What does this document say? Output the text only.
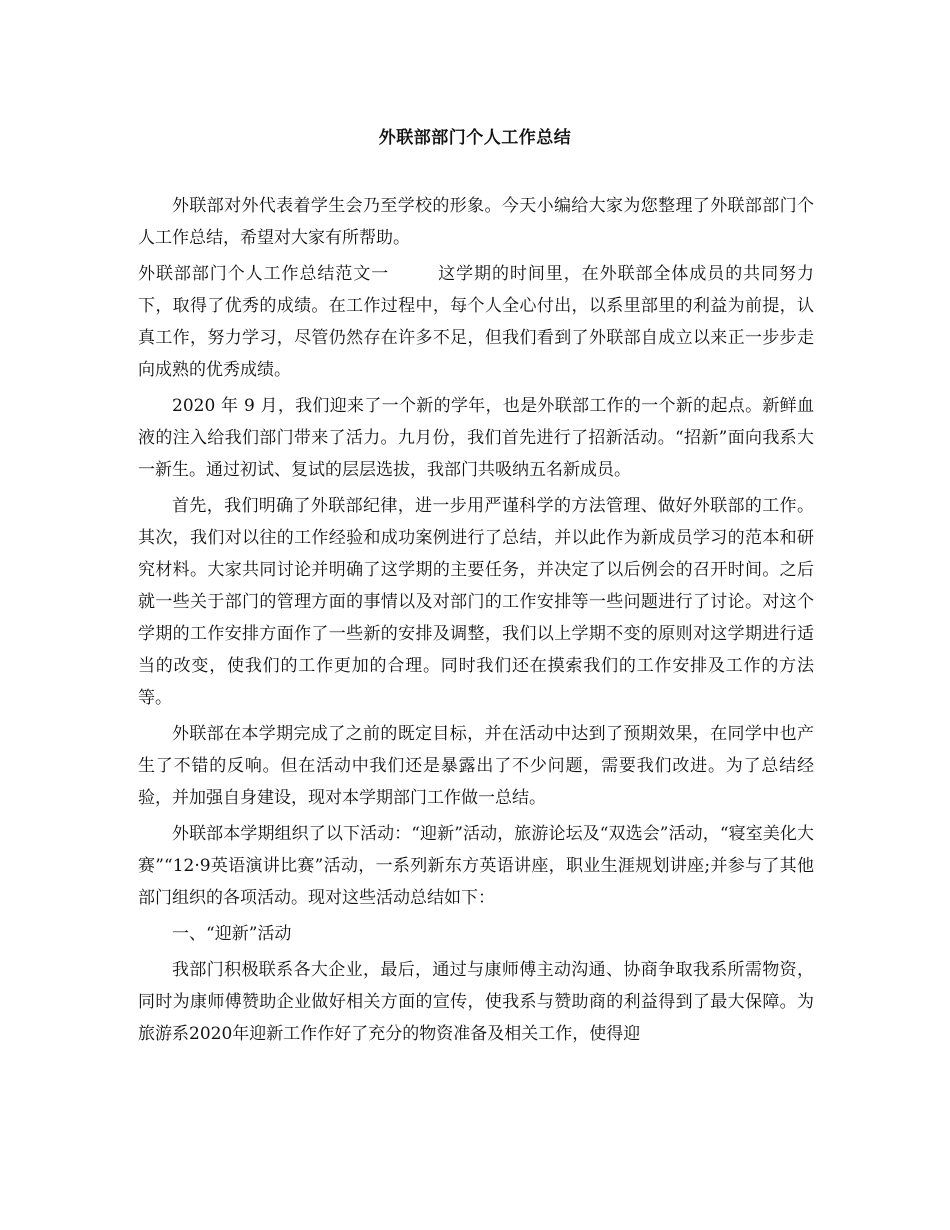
外联部部门个人工作总结

外联部对外代表着学生会乃至学校的形象。今天小编给大家为您整理了外联部部门个人工作总结，希望对大家有所帮助。

外联部部门个人工作总结范文一	这学期的时间里，在外联部全体成员的共同努力下，取得了优秀的成绩。在工作过程中，每个人全心付出，以系里部里的利益为前提，认真工作，努力学习，尽管仍然存在许多不足，但我们看到了外联部自成立以来正一步步走向成熟的优秀成绩。

2020 年 9 月，我们迎来了一个新的学年，也是外联部工作的一个新的起点。新鲜血液的注入给我们部门带来了活力。九月份，我们首先进行了招新活动。“招新”面向我系大一新生。通过初试、复试的层层选拔，我部门共吸纳五名新成员。

首先，我们明确了外联部纪律，进一步用严谨科学的方法管理、做好外联部的工作。其次，我们对以往的工作经验和成功案例进行了总结，并以此作为新成员学习的范本和研究材料。大家共同讨论并明确了这学期的主要任务，并决定了以后例会的召开时间。之后就一些关于部门的管理方面的事情以及对部门的工作安排等一些问题进行了讨论。对这个学期的工作安排方面作了一些新的安排及调整，我们以上学期不变的原则对这学期进行适当的改变，使我们的工作更加的合理。同时我们还在摸索我们的工作安排及工作的方法等。

外联部在本学期完成了之前的既定目标，并在活动中达到了预期效果，在同学中也产生了不错的反响。但在活动中我们还是暴露出了不少问题，需要我们改进。为了总结经验，并加强自身建设，现对本学期部门工作做一总结。

外联部本学期组织了以下活动：“迎新”活动，旅游论坛及“双选会”活动，“寝室美化大赛”“12·9英语演讲比赛”活动，一系列新东方英语讲座，职业生涯规划讲座;并参与了其他部门组织的各项活动。现对这些活动总结如下：

一、“迎新”活动

我部门积极联系各大企业，最后，通过与康师傅主动沟通、协商争取我系所需物资，同时为康师傅赞助企业做好相关方面的宣传，使我系与赞助商的利益得到了最大保障。为旅游系2020年迎新工作作好了充分的物资准备及相关工作，使得迎
